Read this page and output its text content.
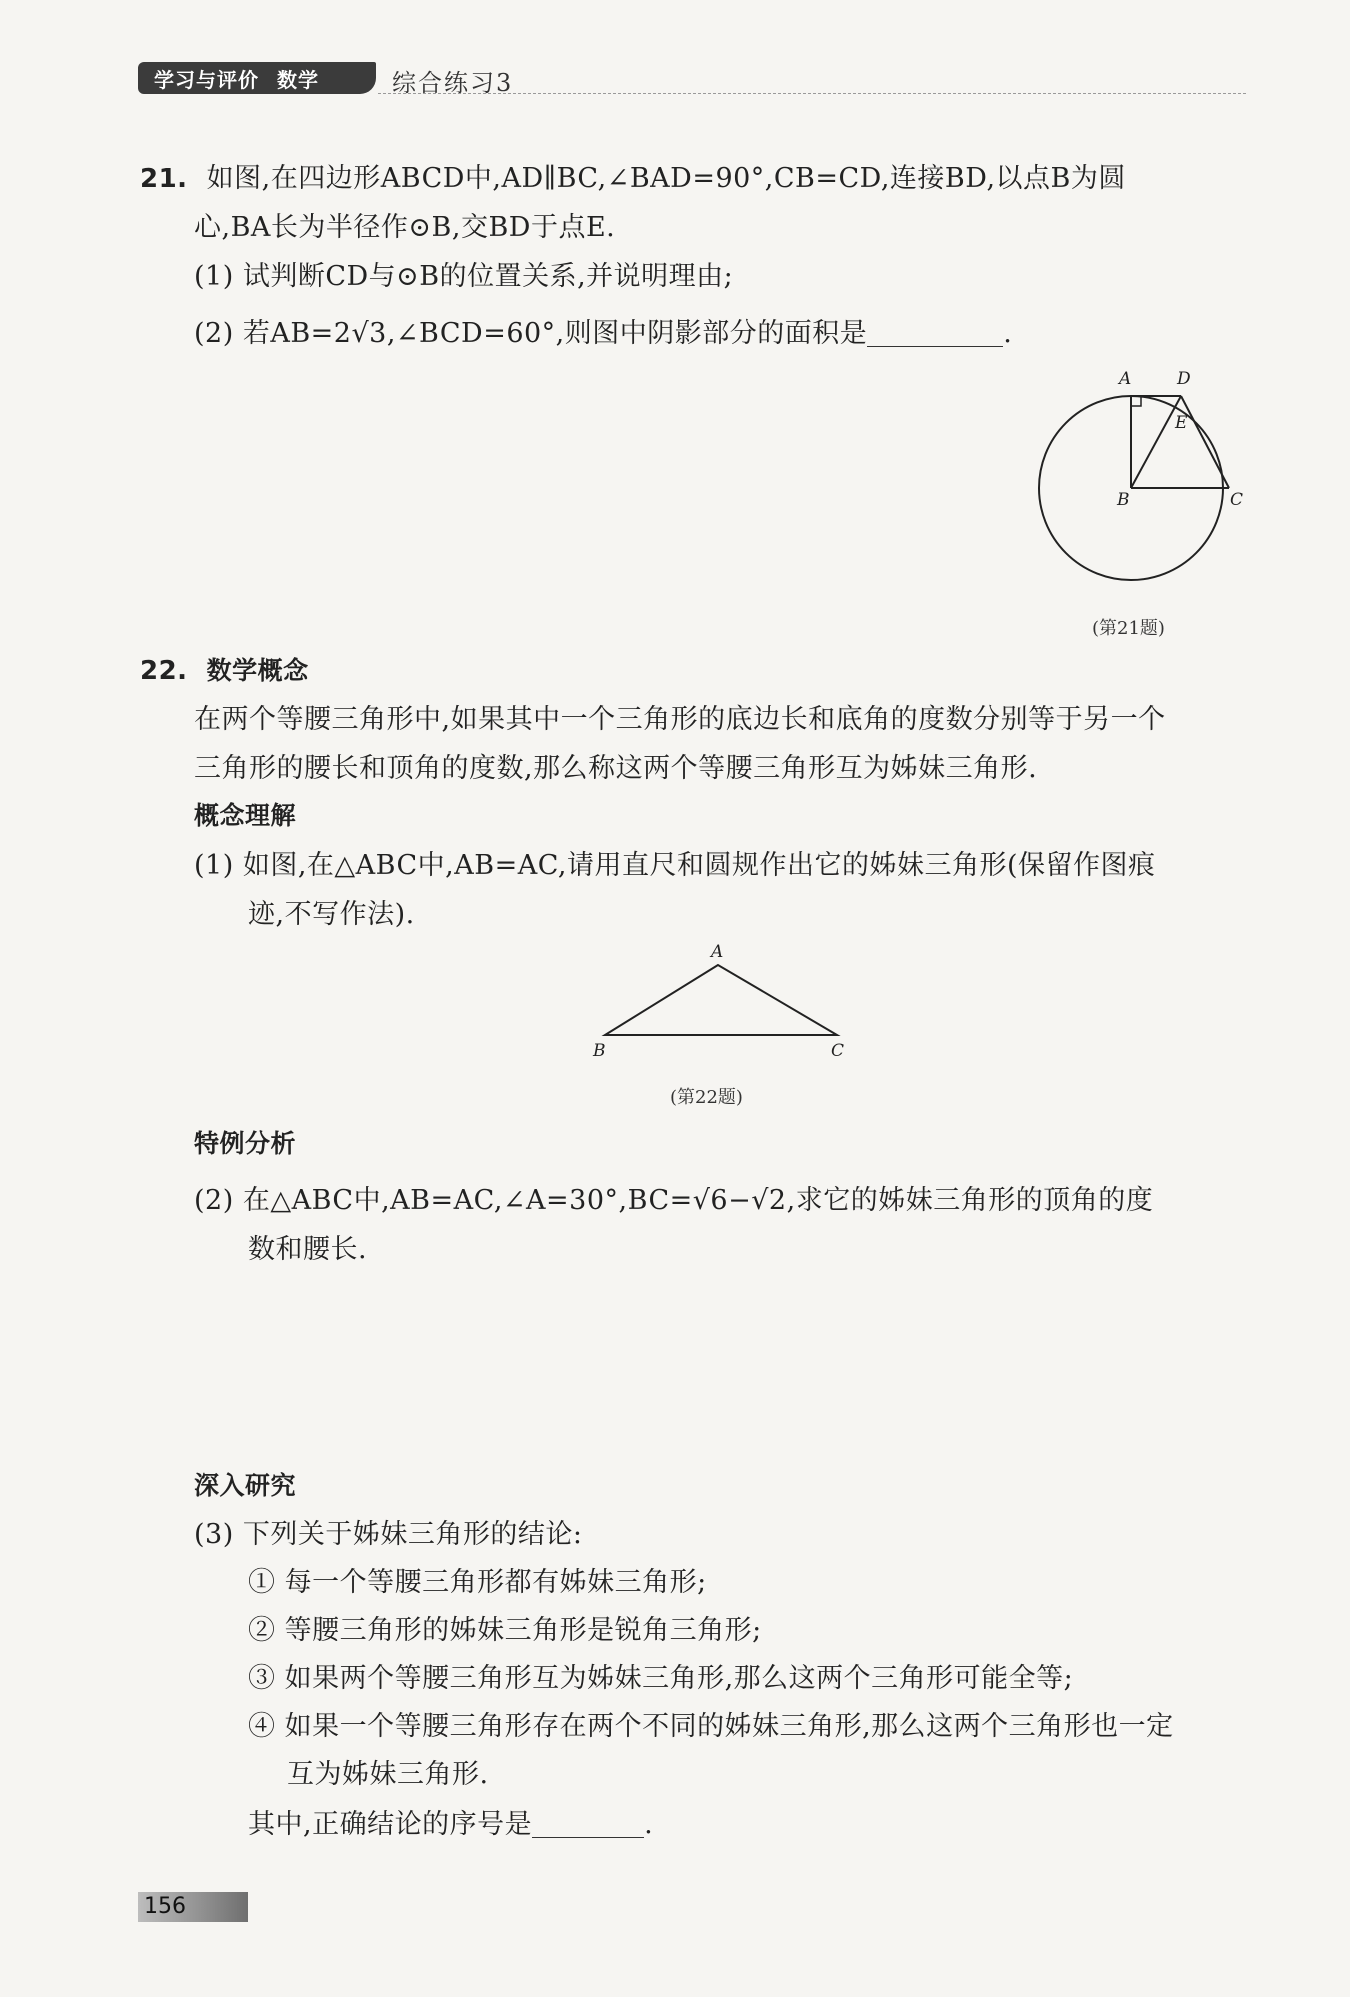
学习与评价 数学	综合练习3
21. 如图,在四边形ABCD中,AD∥BC,∠BAD=90°,CB=CD,连接BD,以点B为圆
心,BA长为半径作⊙B,交BD于点E.
(1) 试判断CD与⊙B的位置关系,并说明理由;
(2) 若AB=2√3,∠BCD=60°,则图中阴影部分的面积是	.
A	D
E
B	C
(第21题)
22. 数学概念
在两个等腰三角形中,如果其中一个三角形的底边长和底角的度数分别等于另一个
三角形的腰长和顶角的度数,那么称这两个等腰三角形互为姊妹三角形.
概念理解
(1) 如图,在△ABC中,AB=AC,请用直尺和圆规作出它的姊妹三角形(保留作图痕
迹,不写作法).
A
B	C
(第22题)
特例分析
(2) 在△ABC中,AB=AC,∠A=30°,BC=√6−√2,求它的姊妹三角形的顶角的度
数和腰长.
深入研究
(3) 下列关于姊妹三角形的结论:
① 每一个等腰三角形都有姊妹三角形;
② 等腰三角形的姊妹三角形是锐角三角形;
③ 如果两个等腰三角形互为姊妹三角形,那么这两个三角形可能全等;
④ 如果一个等腰三角形存在两个不同的姊妹三角形,那么这两个三角形也一定
互为姊妹三角形.
其中,正确结论的序号是	.
156
